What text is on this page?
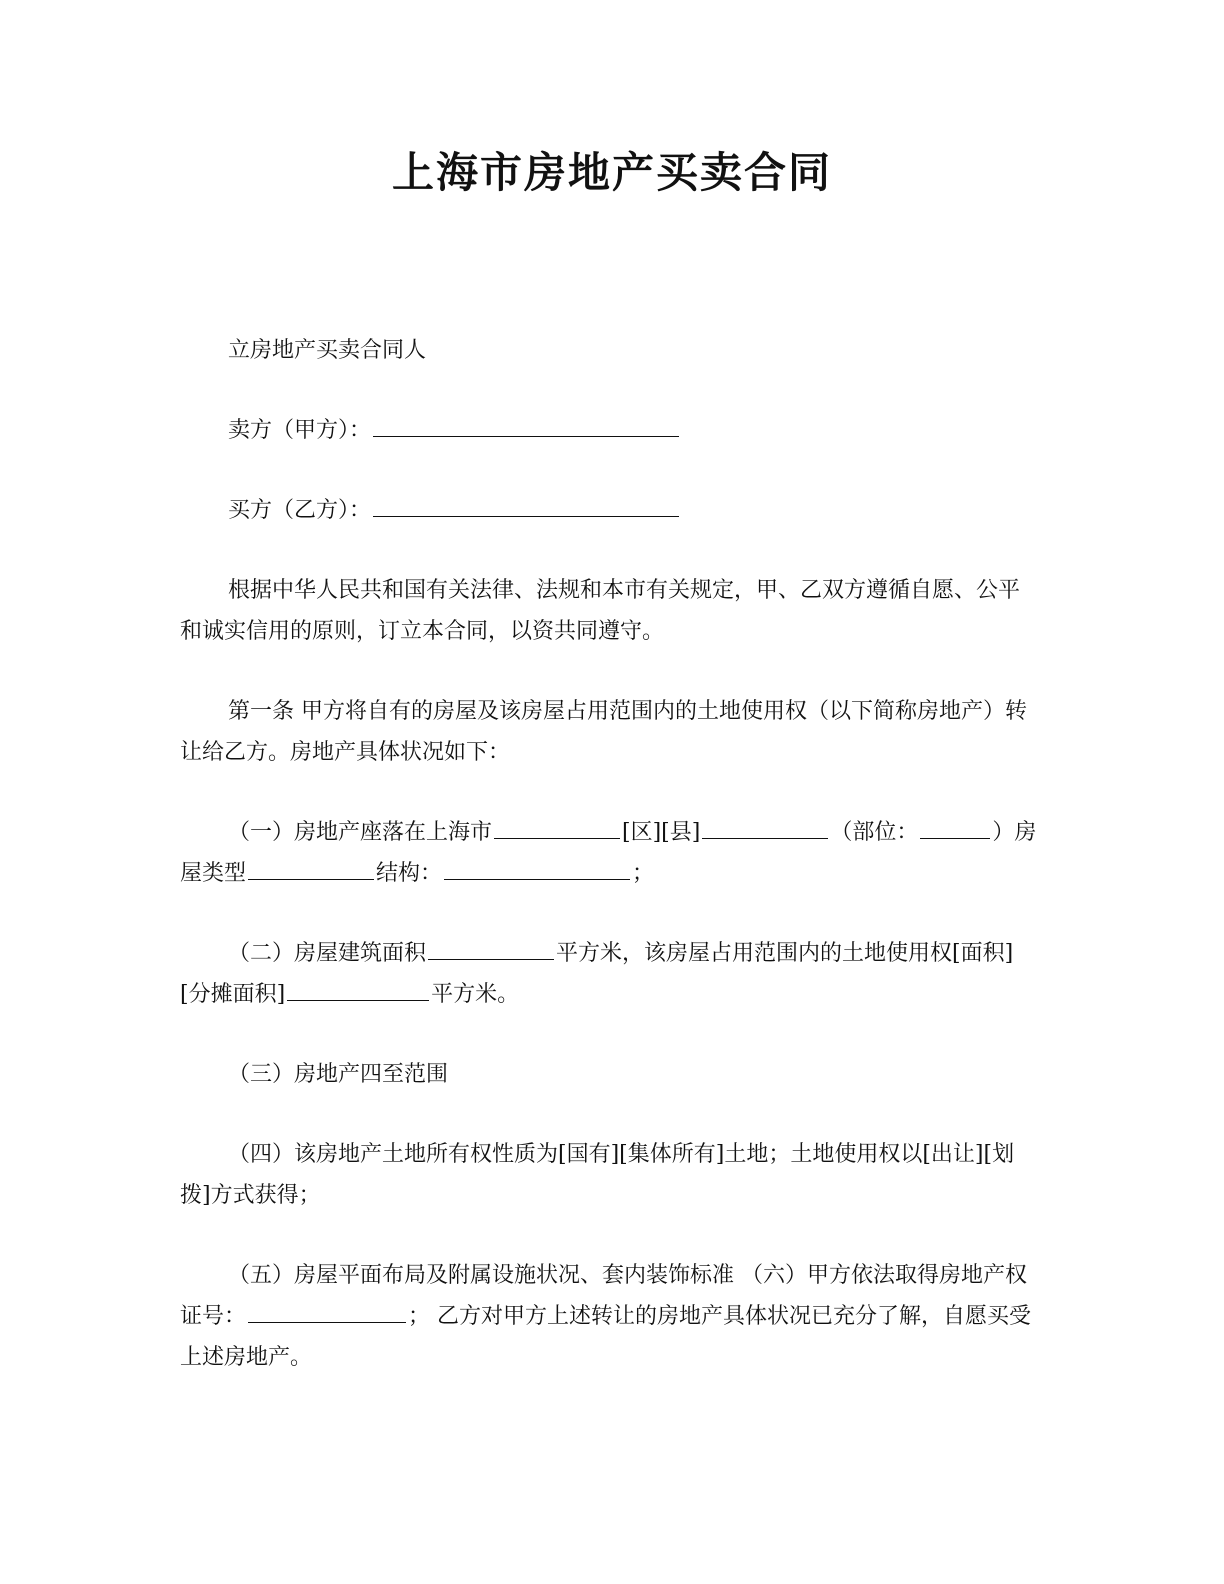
上海市房地产买卖合同

立房地产买卖合同人

卖方（甲方）：

买方（乙方）：

根据中华人民共和国有关法律、法规和本市有关规定，甲、乙双方遵循自愿、公平和诚实信用的原则，订立本合同，以资共同遵守。

第一条 甲方将自有的房屋及该房屋占用范围内的土地使用权（以下简称房地产）转让给乙方。房地产具体状况如下：

（一）房地产座落在上海市	[区][县]	（部位：	）房屋类型	结构：	；

（二）房屋建筑面积	平方米，该房屋占用范围内的土地使用权[面积][分摊面积]	平方米。

（三）房地产四至范围

（四）该房地产土地所有权性质为[国有][集体所有]土地；土地使用权以[出让][划拨]方式获得；

（五）房屋平面布局及附属设施状况、套内装饰标准 （六）甲方依法取得房地产权证号：	； 乙方对甲方上述转让的房地产具体状况已充分了解，自愿买受上述房地产。
